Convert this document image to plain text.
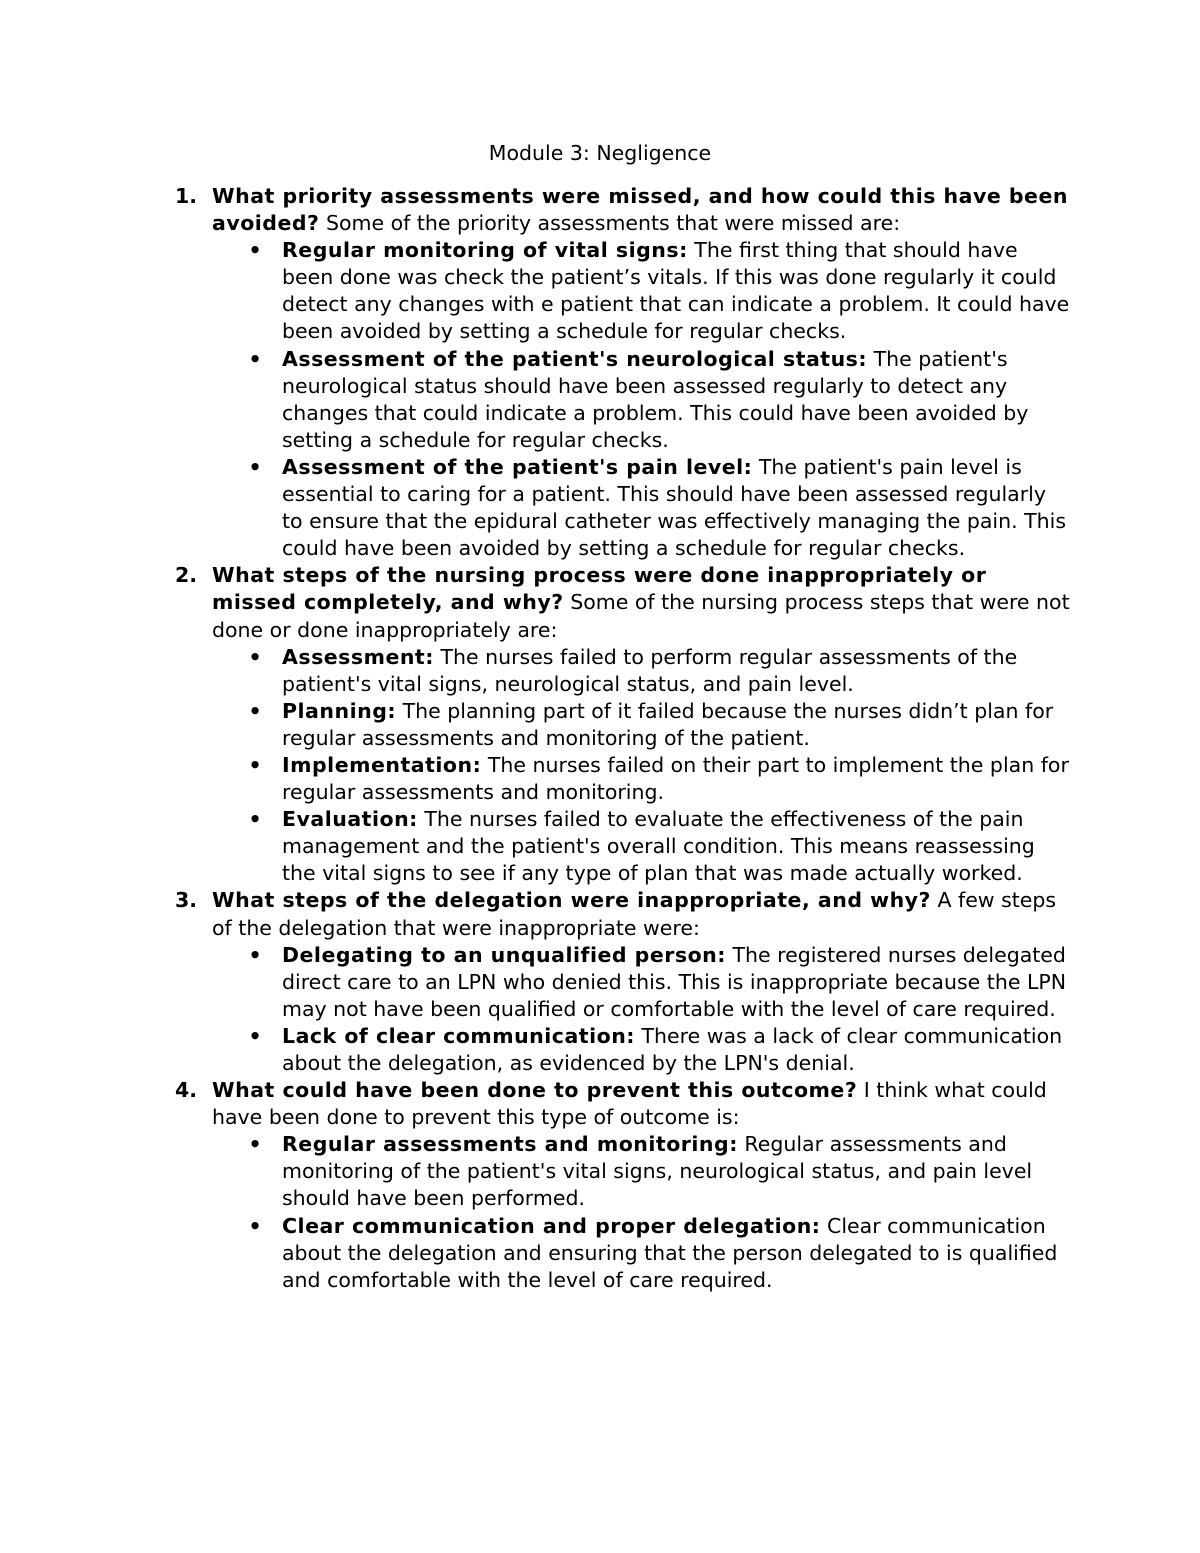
Module 3: Negligence
1. What priority assessments were missed, and how could this have been avoided? Some of the priority assessments that were missed are:
• Regular monitoring of vital signs: The first thing that should have been done was check the patient’s vitals. If this was done regularly it could detect any changes with e patient that can indicate a problem. It could have been avoided by setting a schedule for regular checks.
• Assessment of the patient's neurological status: The patient's neurological status should have been assessed regularly to detect any changes that could indicate a problem. This could have been avoided by setting a schedule for regular checks.
• Assessment of the patient's pain level: The patient's pain level is essential to caring for a patient. This should have been assessed regularly to ensure that the epidural catheter was effectively managing the pain. This could have been avoided by setting a schedule for regular checks.
2. What steps of the nursing process were done inappropriately or missed completely, and why? Some of the nursing process steps that were not done or done inappropriately are:
• Assessment: The nurses failed to perform regular assessments of the patient's vital signs, neurological status, and pain level.
• Planning: The planning part of it failed because the nurses didn’t plan for regular assessments and monitoring of the patient.
• Implementation: The nurses failed on their part to implement the plan for regular assessments and monitoring.
• Evaluation: The nurses failed to evaluate the effectiveness of the pain management and the patient's overall condition. This means reassessing the vital signs to see if any type of plan that was made actually worked.
3. What steps of the delegation were inappropriate, and why? A few steps of the delegation that were inappropriate were:
• Delegating to an unqualified person: The registered nurses delegated direct care to an LPN who denied this. This is inappropriate because the LPN may not have been qualified or comfortable with the level of care required.
• Lack of clear communication: There was a lack of clear communication about the delegation, as evidenced by the LPN's denial.
4. What could have been done to prevent this outcome? I think what could have been done to prevent this type of outcome is:
• Regular assessments and monitoring: Regular assessments and monitoring of the patient's vital signs, neurological status, and pain level should have been performed.
• Clear communication and proper delegation: Clear communication about the delegation and ensuring that the person delegated to is qualified and comfortable with the level of care required.
